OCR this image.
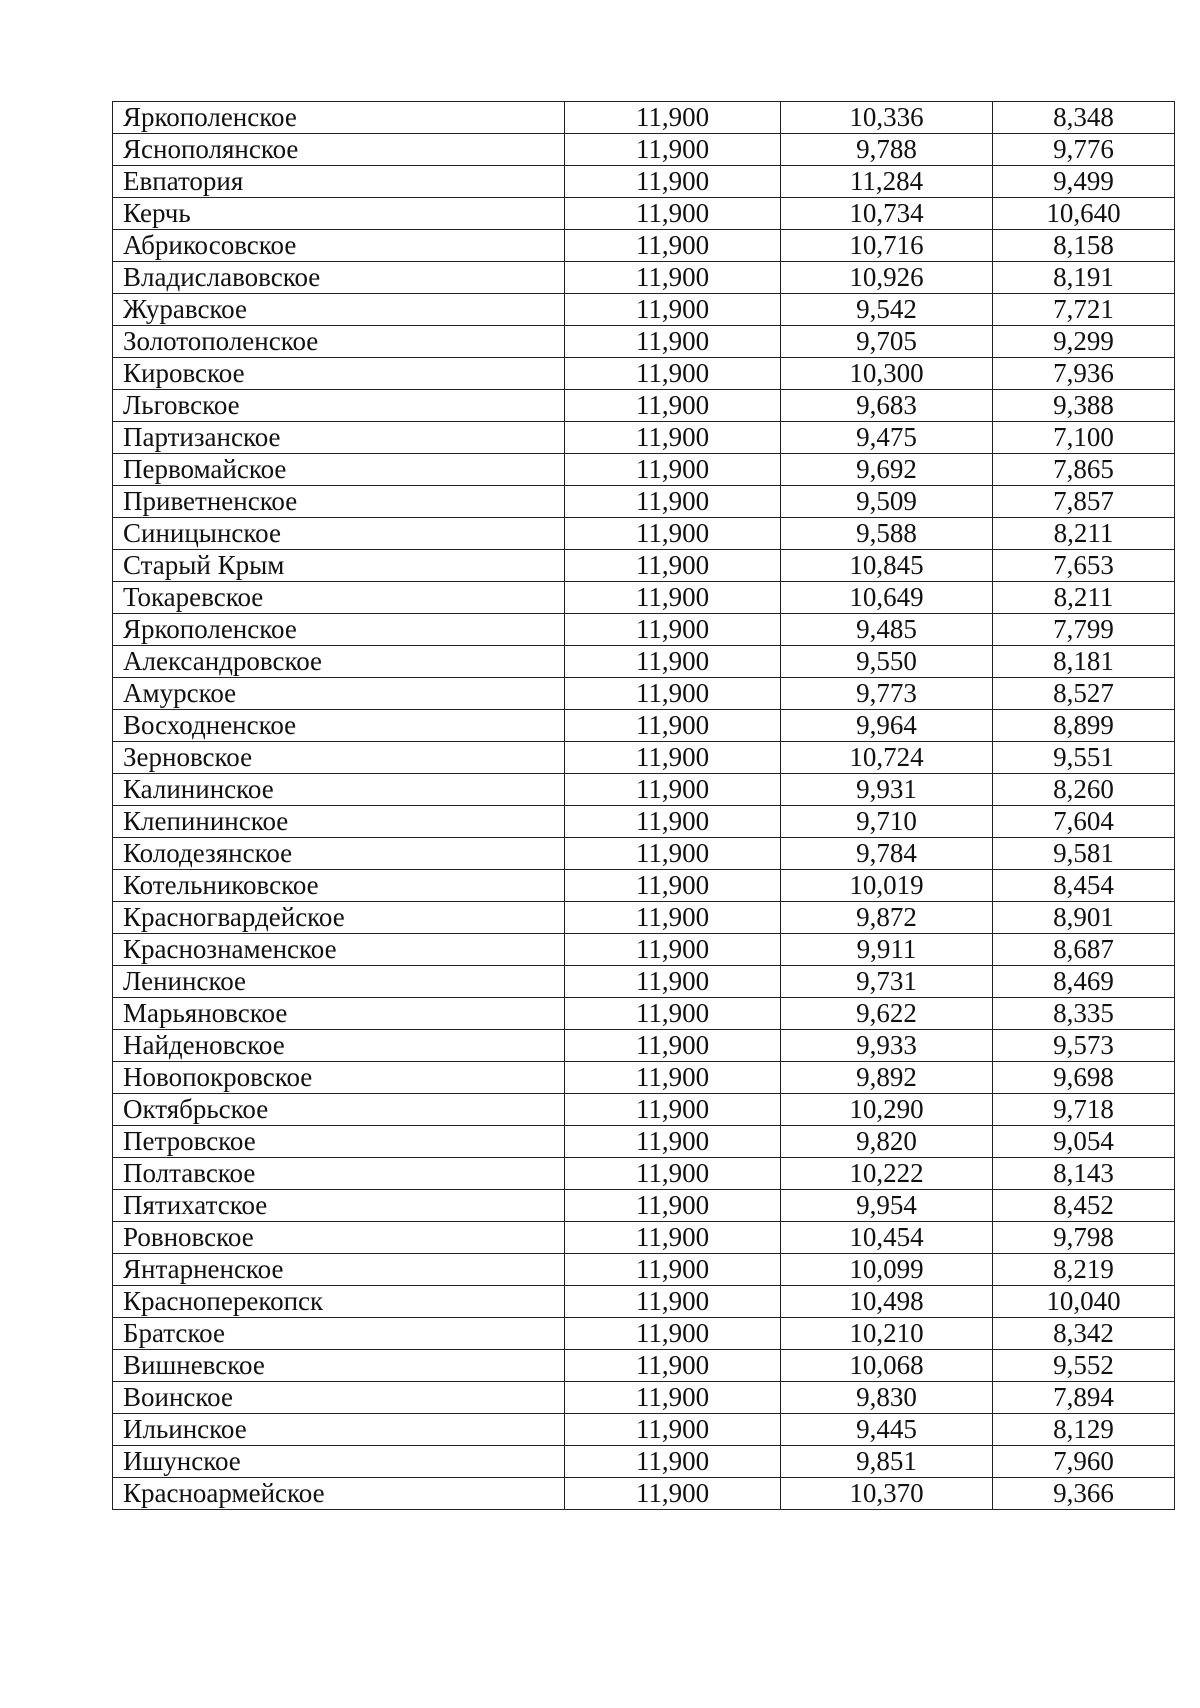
Яркополенское	11,900	10,336	8,348
Яснополянское	11,900	9,788	9,776
Евпатория	11,900	11,284	9,499
Керчь	11,900	10,734	10,640
Абрикосовское	11,900	10,716	8,158
Владиславовское	11,900	10,926	8,191
Журавское	11,900	9,542	7,721
Золотополенское	11,900	9,705	9,299
Кировское	11,900	10,300	7,936
Льговское	11,900	9,683	9,388
Партизанское	11,900	9,475	7,100
Первомайское	11,900	9,692	7,865
Приветненское	11,900	9,509	7,857
Синицынское	11,900	9,588	8,211
Старый Крым	11,900	10,845	7,653
Токаревское	11,900	10,649	8,211
Яркополенское	11,900	9,485	7,799
Александровское	11,900	9,550	8,181
Амурское	11,900	9,773	8,527
Восходненское	11,900	9,964	8,899
Зерновское	11,900	10,724	9,551
Калининское	11,900	9,931	8,260
Клепининское	11,900	9,710	7,604
Колодезянское	11,900	9,784	9,581
Котельниковское	11,900	10,019	8,454
Красногвардейское	11,900	9,872	8,901
Краснознаменское	11,900	9,911	8,687
Ленинское	11,900	9,731	8,469
Марьяновское	11,900	9,622	8,335
Найденовское	11,900	9,933	9,573
Новопокровское	11,900	9,892	9,698
Октябрьское	11,900	10,290	9,718
Петровское	11,900	9,820	9,054
Полтавское	11,900	10,222	8,143
Пятихатское	11,900	9,954	8,452
Ровновское	11,900	10,454	9,798
Янтарненское	11,900	10,099	8,219
Красноперекопск	11,900	10,498	10,040
Братское	11,900	10,210	8,342
Вишневское	11,900	10,068	9,552
Воинское	11,900	9,830	7,894
Ильинское	11,900	9,445	8,129
Ишунское	11,900	9,851	7,960
Красноармейское	11,900	10,370	9,366
